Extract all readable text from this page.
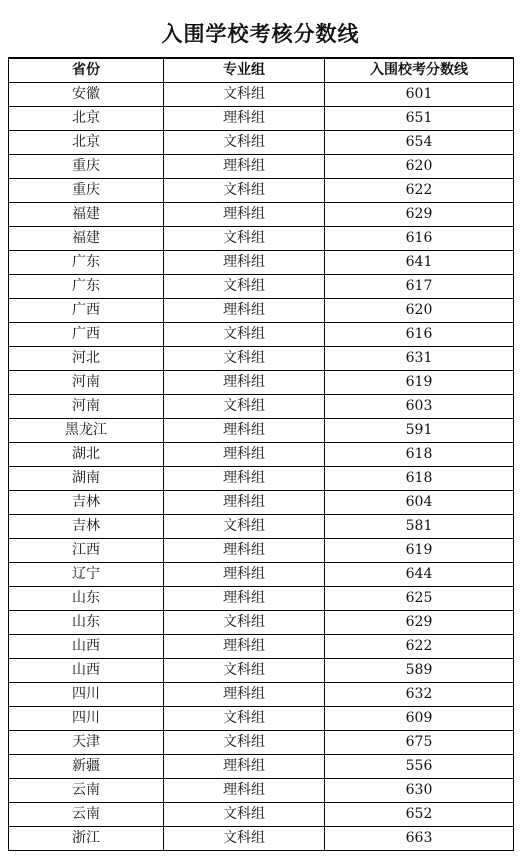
入围学校考核分数线
省份	专业组	入围校考分数线
安徽	文科组	601
北京	理科组	651
北京	文科组	654
重庆	理科组	620
重庆	文科组	622
福建	理科组	629
福建	文科组	616
广东	理科组	641
广东	文科组	617
广西	理科组	620
广西	文科组	616
河北	文科组	631
河南	理科组	619
河南	文科组	603
黑龙江	理科组	591
湖北	理科组	618
湖南	理科组	618
吉林	理科组	604
吉林	文科组	581
江西	理科组	619
辽宁	理科组	644
山东	理科组	625
山东	文科组	629
山西	理科组	622
山西	文科组	589
四川	理科组	632
四川	文科组	609
天津	文科组	675
新疆	理科组	556
云南	理科组	630
云南	文科组	652
浙江	文科组	663
